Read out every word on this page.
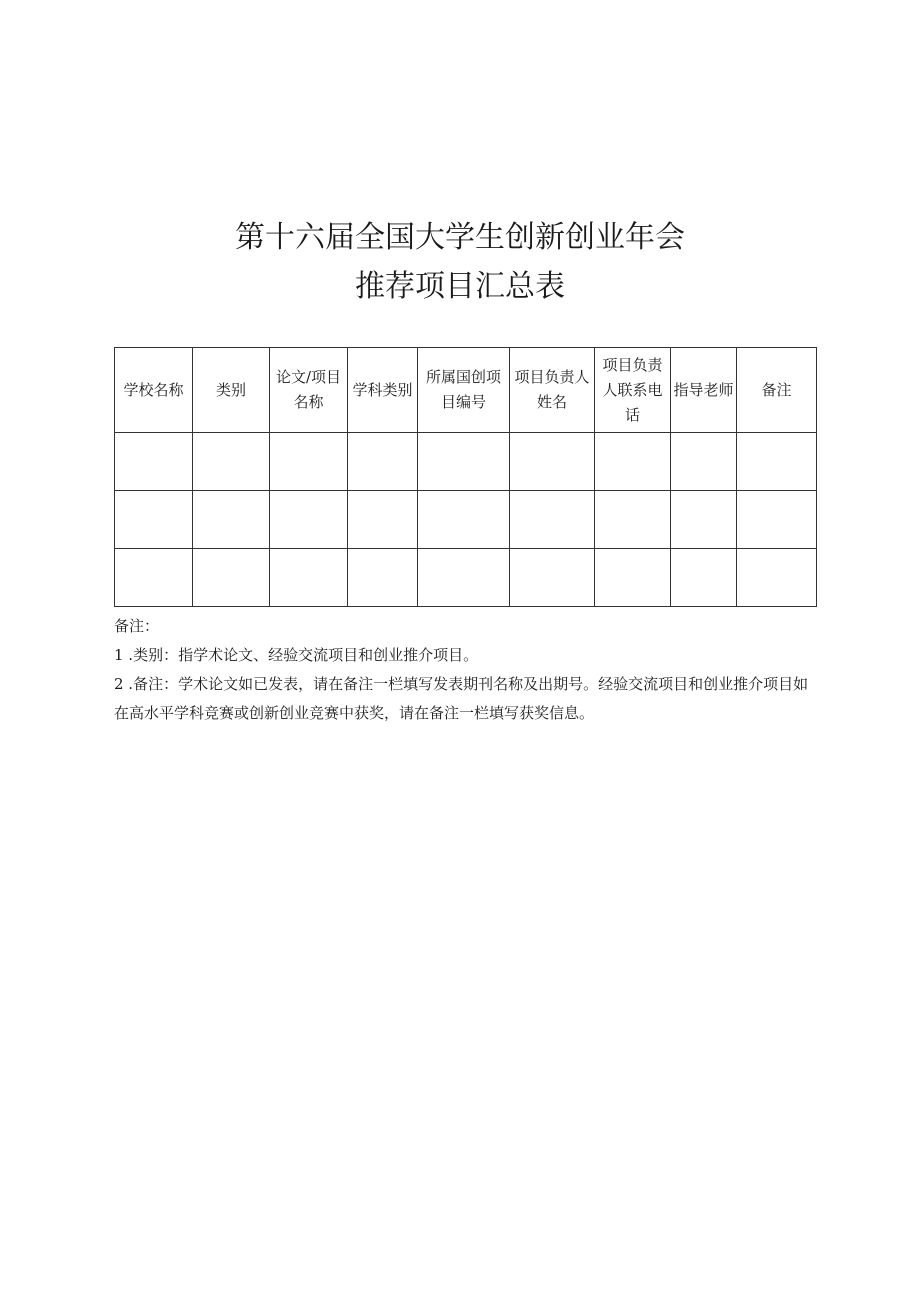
第十六届全国大学生创新创业年会
推荐项目汇总表
学校名称	类别	论文/项目名称	学科类别	所属国创项目编号	项目负责人姓名	项目负责人联系电话	指导老师	备注

备注：

1 .类别：指学术论文、经验交流项目和创业推介项目。

2 .备注：学术论文如已发表，请在备注一栏填写发表期刊名称及出期号。经验交流项目和创业推介项目如在高水平学科竞赛或创新创业竞赛中获奖，请在备注一栏填写获奖信息。
